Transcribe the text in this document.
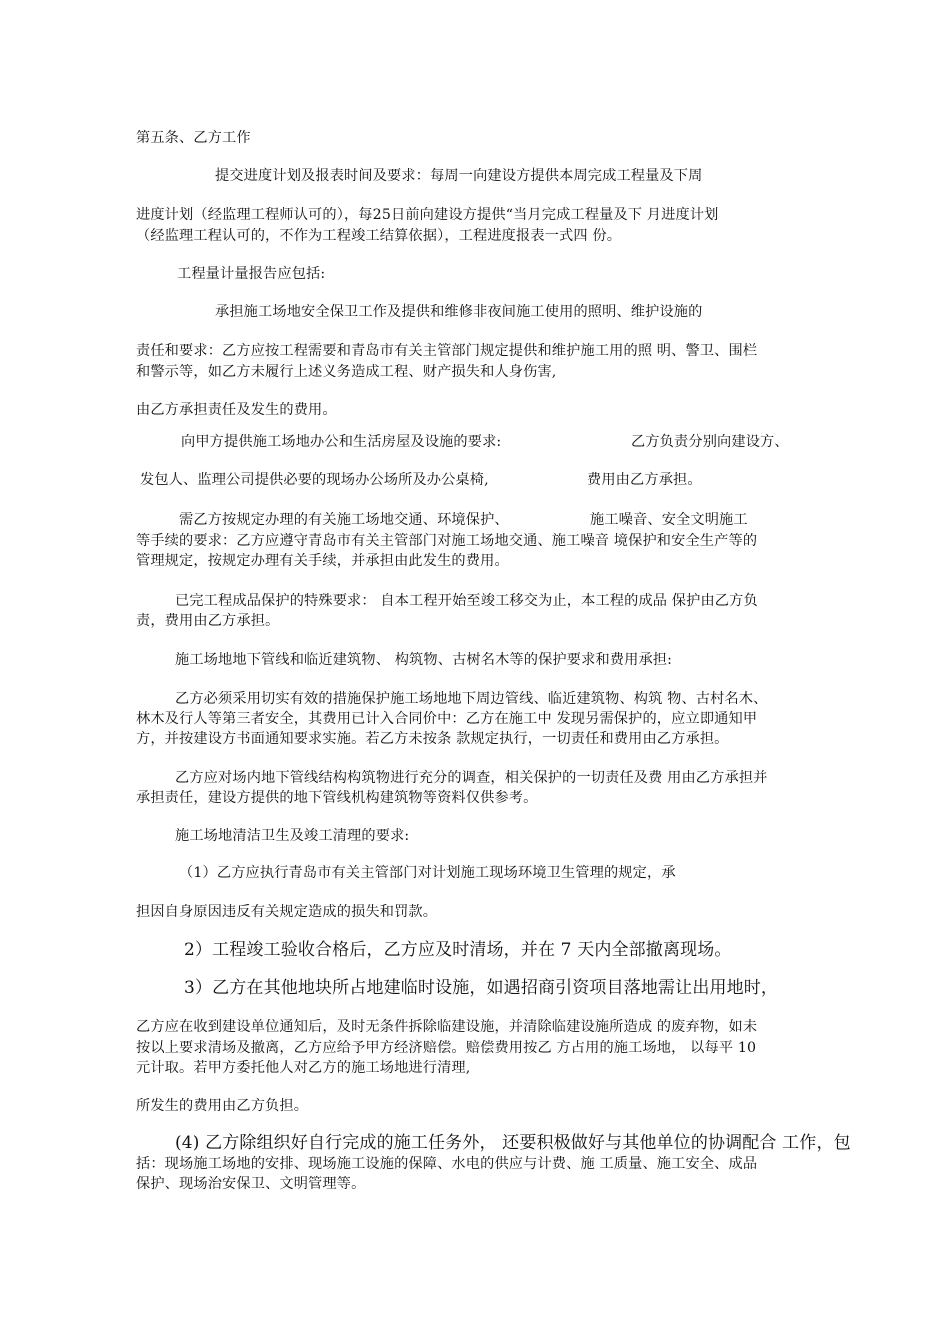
第五条、乙方工作
提交进度计划及报表时间及要求：每周一向建设方提供本周完成工程量及下周
进度计划（经监理工程师认可的），每25日前向建设方提供“当月完成工程量及下 月进度计划
（经监理工程认可的，不作为工程竣工结算依据），工程进度报表一式四 份。
工程量计量报告应包括:
承担施工场地安全保卫工作及提供和维修非夜间施工使用的照明、维护设施的
责任和要求：乙方应按工程需要和青岛市有关主管部门规定提供和维护施工用的照 明、警卫、围栏
和警示等，如乙方未履行上述义务造成工程、财产损失和人身伤害,
由乙方承担责任及发生的费用。
向甲方提供施工场地办公和生活房屋及设施的要求:	乙方负责分别向建设方、
发包人、监理公司提供必要的现场办公场所及办公桌椅,	费用由乙方承担。
需乙方按规定办理的有关施工场地交通、环境保护、	施工噪音、安全文明施工
等手续的要求：乙方应遵守青岛市有关主管部门对施工场地交通、施工噪音 境保护和安全生产等的
管理规定，按规定办理有关手续，并承担由此发生的费用。
已完工程成品保护的特殊要求： 自本工程开始至竣工移交为止，本工程的成品 保护由乙方负
责，费用由乙方承担。
施工场地地下管线和临近建筑物、 构筑物、古树名木等的保护要求和费用承担:
乙方必须采用切实有效的措施保护施工场地地下周边管线、临近建筑物、构筑 物、古村名木、
林木及行人等第三者安全，其费用已计入合同价中：乙方在施工中 发现另需保护的，应立即通知甲
方，并按建设方书面通知要求实施。若乙方未按条 款规定执行，一切责任和费用由乙方承担。
乙方应对场内地下管线结构构筑物进行充分的调查，相关保护的一切责任及费 用由乙方承担并
承担责任，建设方提供的地下管线机构建筑物等资料仅供参考。
施工场地清洁卫生及竣工清理的要求:
（1）乙方应执行青岛市有关主管部门对计划施工现场环境卫生管理的规定，承
担因自身原因违反有关规定造成的损失和罚款。
2）工程竣工验收合格后，乙方应及时清场，并在 7 天内全部撤离现场。
3）乙方在其他地块所占地建临时设施，如遇招商引资项目落地需让出用地时，
乙方应在收到建设单位通知后，及时无条件拆除临建设施，并清除临建设施所造成 的废弃物，如未
按以上要求清场及撤离，乙方应给予甲方经济赔偿。赔偿费用按乙 方占用的施工场地， 以每平 10
元计取。若甲方委托他人对乙方的施工场地进行清理,
所发生的费用由乙方负担。
(4) 乙方除组织好自行完成的施工任务外， 还要积极做好与其他单位的协调配合 工作，包
括：现场施工场地的安排、现场施工设施的保障、水电的供应与计费、施 工质量、施工安全、成品
保护、现场治安保卫、文明管理等。
